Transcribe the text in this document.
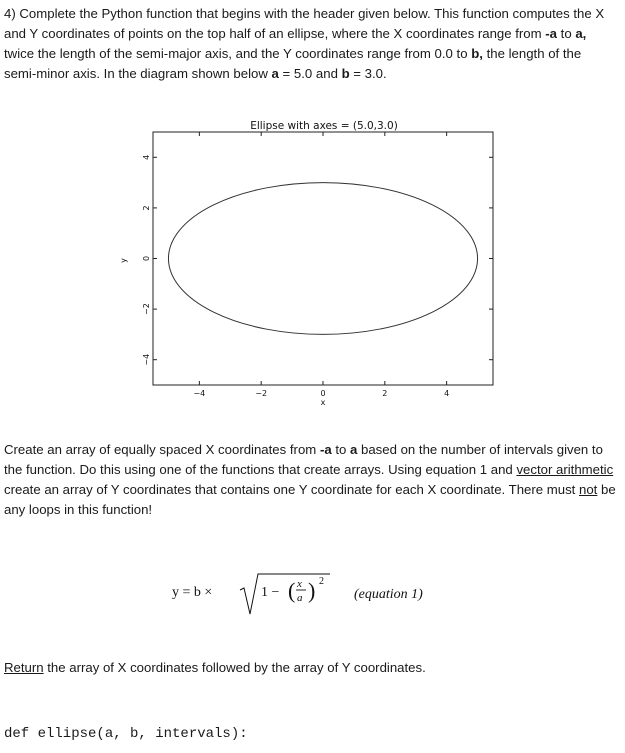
4) Complete the Python function that begins with the header given below. This function computes the X and Y coordinates of points on the top half of an ellipse, where the X coordinates range from -a to a, twice the length of the semi-major axis, and the Y coordinates range from 0.0 to b, the length of the semi-minor axis. In the diagram shown below a = 5.0 and b = 3.0.
Ellipse with axes = (5.0,3.0)
−4	−2	0	2	4
−4
−2
0
2
4
x
y
Create an array of equally spaced X coordinates from -a to a based on the number of intervals given to the function. Do this using one of the functions that create arrays. Using equation 1 and vector arithmetic create an array of Y coordinates that contains one Y coordinate for each X coordinate. There must not be any loops in this function!
y = b ×	1 − ( x
a ) 2
(equation 1)
Return the array of X coordinates followed by the array of Y coordinates.
def ellipse(a, b, intervals):
